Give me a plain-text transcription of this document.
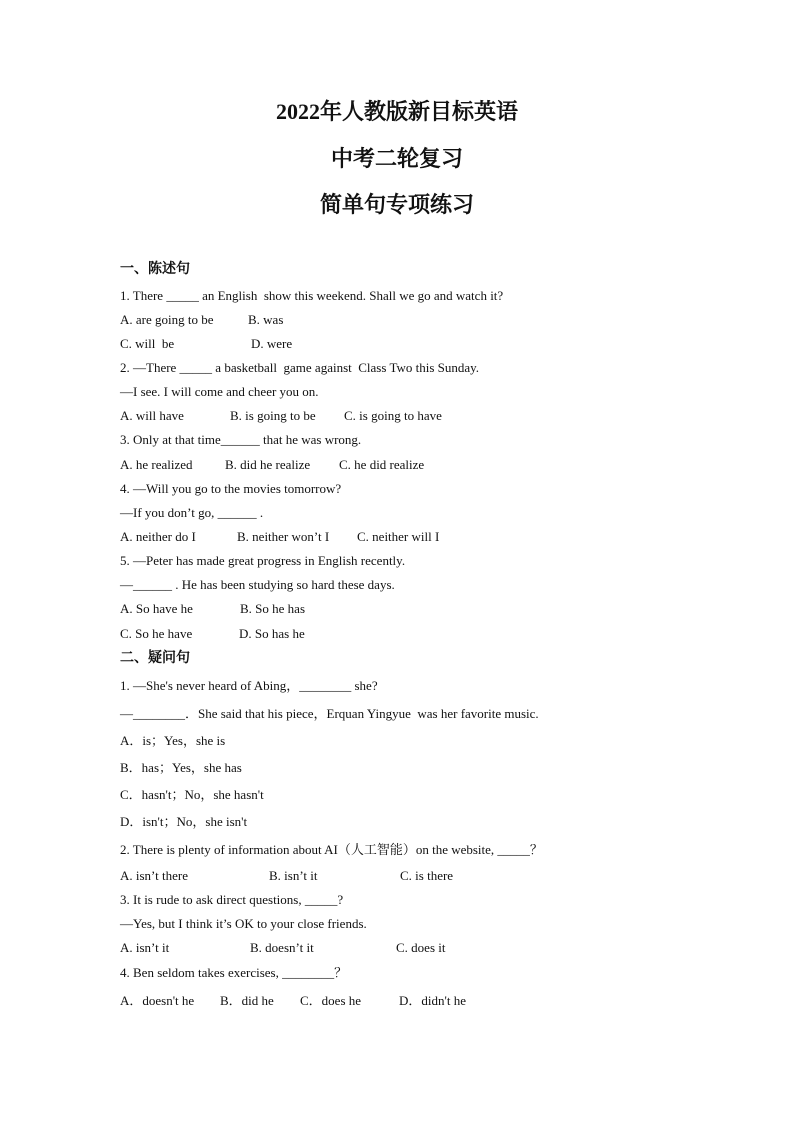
2022年人教版新目标英语
中考二轮复习
简单句专项练习
一、陈述句
1. There _____ an English  show this weekend. Shall we go and watch it?
A. are going to be	B. was
C. will  be	D. were
2. —There _____ a basketball  game against  Class Two this Sunday.
—I see. I will come and cheer you on.
A. will have	B. is going to be C. is going to have
3. Only at that time______ that he was wrong.
A. he realized B. did he realize C. he did realize
4. —Will you go to the movies tomorrow?
—If you don’t go, ______ .
A. neither do I	B. neither won’t I C. neither will I
5. —Peter has made great progress in English recently.
—______ . He has been studying so hard these days.
A. So have he	B. So he has
C. So he have	D. So has he
二、疑问句
1. —She's never heard of Abing，________ she?
—________．She said that his piece，Erquan Yingyue  was her favorite music.
A．is；Yes，she is
B．has；Yes，she has
C．hasn't；No，she hasn't
D．isn't；No，she isn't
2. There is plenty of information about AI（人工智能）on the website, _____？
A. isn’t there	B. isn’t it	C. is there
3. It is rude to ask direct questions, _____?
—Yes, but I think it’s OK to your close friends.
A. isn’t it	B. doesn’t it	C. does it
4. Ben seldom takes exercises, ________？
A．doesn't he B．did he C．does he	D．didn't he
